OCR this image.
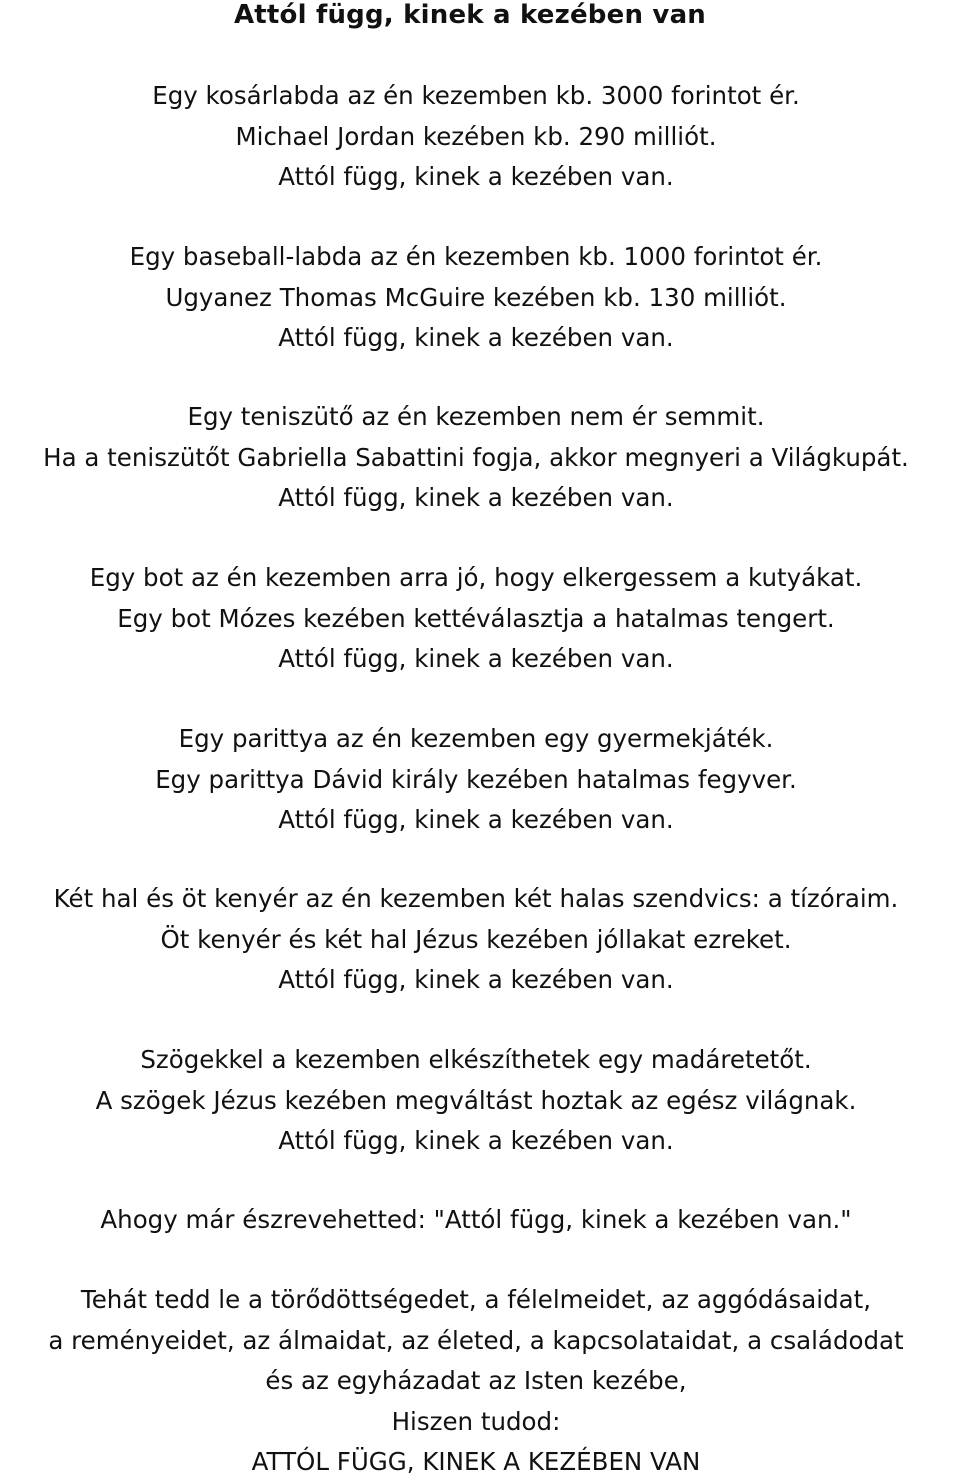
Attól függ, kinek a kezében van
Egy kosárlabda az én kezemben kb. 3000 forintot ér.
Michael Jordan kezében kb. 290 milliót.
Attól függ, kinek a kezében van.
Egy baseball-labda az én kezemben kb. 1000 forintot ér.
Ugyanez Thomas McGuire kezében kb. 130 milliót.
Attól függ, kinek a kezében van.
Egy teniszütő az én kezemben nem ér semmit.
Ha a teniszütőt Gabriella Sabattini fogja, akkor megnyeri a Világkupát.
Attól függ, kinek a kezében van.
Egy bot az én kezemben arra jó, hogy elkergessem a kutyákat.
Egy bot Mózes kezében kettéválasztja a hatalmas tengert.
Attól függ, kinek a kezében van.
Egy parittya az én kezemben egy gyermekjáték.
Egy parittya Dávid király kezében hatalmas fegyver.
Attól függ, kinek a kezében van.
Két hal és öt kenyér az én kezemben két halas szendvics: a tízóraim.
Öt kenyér és két hal Jézus kezében jóllakat ezreket.
Attól függ, kinek a kezében van.
Szögekkel a kezemben elkészíthetek egy madáretetőt.
A szögek Jézus kezében megváltást hoztak az egész világnak.
Attól függ, kinek a kezében van.
Ahogy már észrevehetted: "Attól függ, kinek a kezében van."
Tehát tedd le a törődöttségedet, a félelmeidet, az aggódásaidat,
a reményeidet, az álmaidat, az életed, a kapcsolataidat, a családodat
és az egyházadat az Isten kezébe,
Hiszen tudod:
ATTÓL FÜGG, KINEK A KEZÉBEN VAN
